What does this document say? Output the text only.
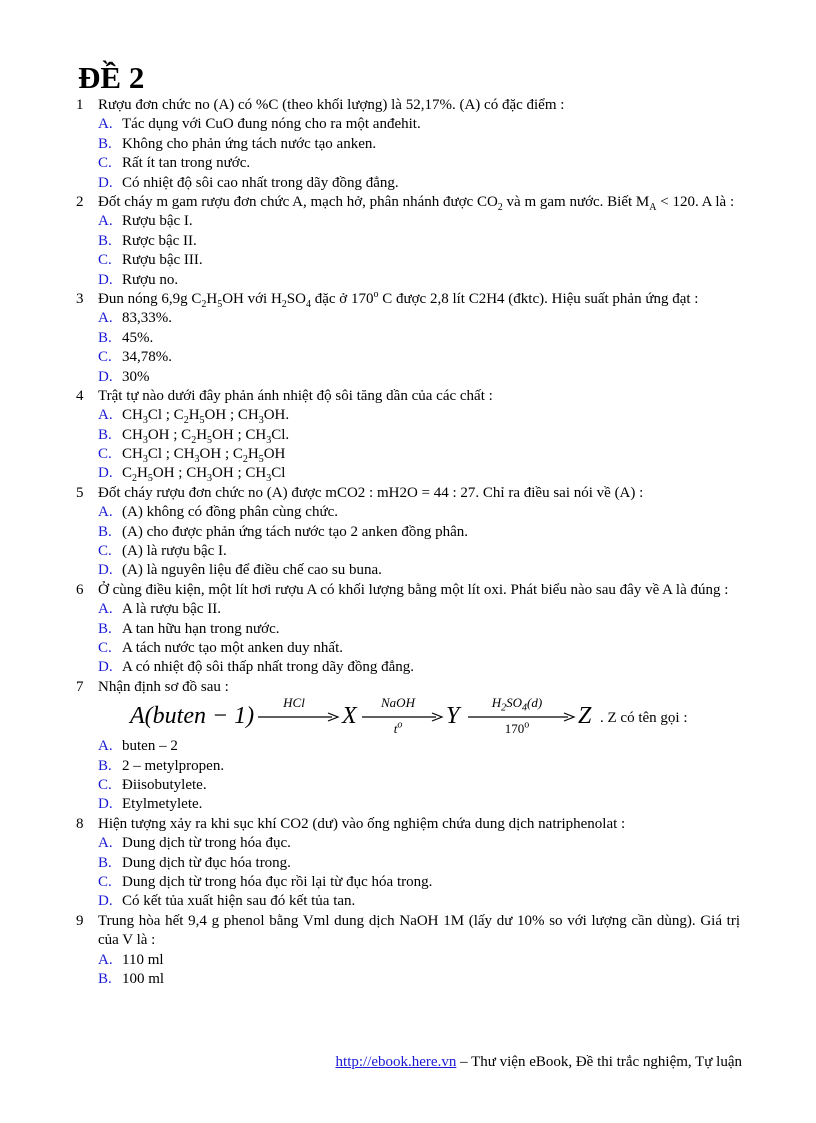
ĐỀ 2
1 Rượu đơn chức no (A) có %C (theo khối lượng) là 52,17%. (A) có đặc điểm :
A. Tác dụng với CuO đung nóng cho ra một anđehit.
B. Không cho phản ứng tách nước tạo anken.
C. Rất ít tan trong nước.
D. Có nhiệt độ sôi cao nhất trong dãy đồng đẳng.
2 Đốt cháy m gam rượu đơn chức A, mạch hở, phân nhánh được $CO_2$ và m gam nước. Biết $M_A < 120$. A là :
A. Rượu bậc I.
B. Rược bậc II.
C. Rượu bậc III.
D. Rượu no.
3 Đun nóng 6,9g $C_2H_5OH$ với $H_2SO_4$ đặc ở 170$^o$ C được 2,8 lít C2H4 (đktc). Hiệu suất phản ứng đạt :
A. 83,33%.
B. 45%.
C. 34,78%.
D. 30%
4 Trật tự nào dưới đây phản ánh nhiệt độ sôi tăng dần của các chất :
A. $CH_3Cl$ ; $C_2H_5OH$ ; $CH_3OH$.
B. $CH_3OH$ ; $C_2H_5OH$ ; $CH_3Cl$.
C. $CH_3Cl$ ; $CH_3OH$ ; $C_2H_5OH$
D. $C_2H_5OH$ ; $CH_3OH$ ; $CH_3Cl$
5 Đốt cháy rượu đơn chức no (A) được mCO2 : mH2O = 44 : 27. Chỉ ra điều sai nói về (A) :
A. (A) không có đồng phân cùng chức.
B. (A) cho được phản ứng tách nước tạo 2 anken đồng phân.
C. (A) là rượu bậc I.
D. (A) là nguyên liệu để điều chế cao su buna.
6 Ở cùng điều kiện, một lít hơi rượu A có khối lượng bằng một lít oxi. Phát biểu nào sau đây về A là đúng :
A. A là rượu bậc II.
B. A tan hữu hạn trong nước.
C. A tách nước tạo một anken duy nhất.
D. A có nhiệt độ sôi thấp nhất trong dãy đồng đẳng.
7 Nhận định sơ đồ sau :
A(buten − 1)
HCl
X
NaOH
$t^o$	Y
$H_2SO_4(d)$
170$^o$	Z . Z có tên gọi :
A. buten – 2
B. 2 – metylpropen.
C. Điisobutylete.
D. Etylmetylete.
8 Hiện tượng xảy ra khi sục khí CO2 (dư) vào ống nghiệm chứa dung dịch natriphenolat :
A. Dung dịch từ trong hóa đục.
B. Dung dịch từ đục hóa trong.
C. Dung dịch từ trong hóa đục rồi lại từ đục hóa trong.
D. Có kết tủa xuất hiện sau đó kết tủa tan.
9 Trung hòa hết 9,4 g phenol bằng Vml dung dịch NaOH 1M (lấy dư 10% so với lượng cần dùng). Giá trị của V là :
A. 110 ml
B. 100 ml
http://ebook.here.vn – Thư viện eBook, Đề thi trắc nghiệm, Tự luận
